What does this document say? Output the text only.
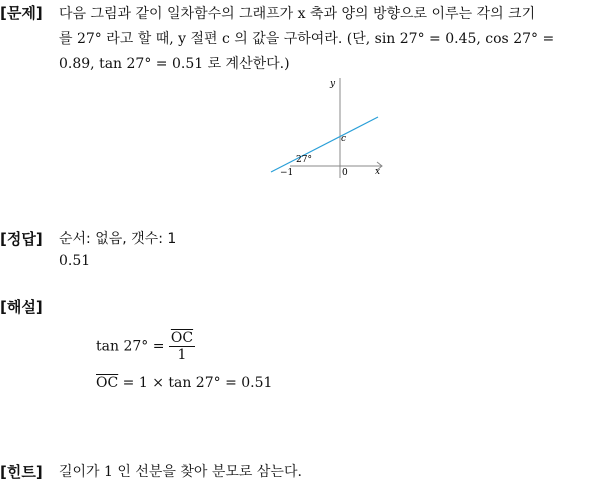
[문제] 다음 그림과 같이 일차함수의 그래프가 x 축과 양의 방향으로 이루는 각의 크기
를 27° 라고 할 때, y 절편 c 의 값을 구하여라. (단, sin 27° = 0.45, cos 27° =
0.89, tan 27° = 0.51 로 계산한다.)
y
x
c
27°
−1	0
[정답] 순서: 없음, 갯수: 1
0.51
[해설]
$\tan 27^\circ = \frac{\overline{OC}}{1}$
$\overline{OC} = 1 \times \tan 27^\circ = 0.51$
[힌트] 길이가 1 인 선분을 찾아 분모로 삼는다.
